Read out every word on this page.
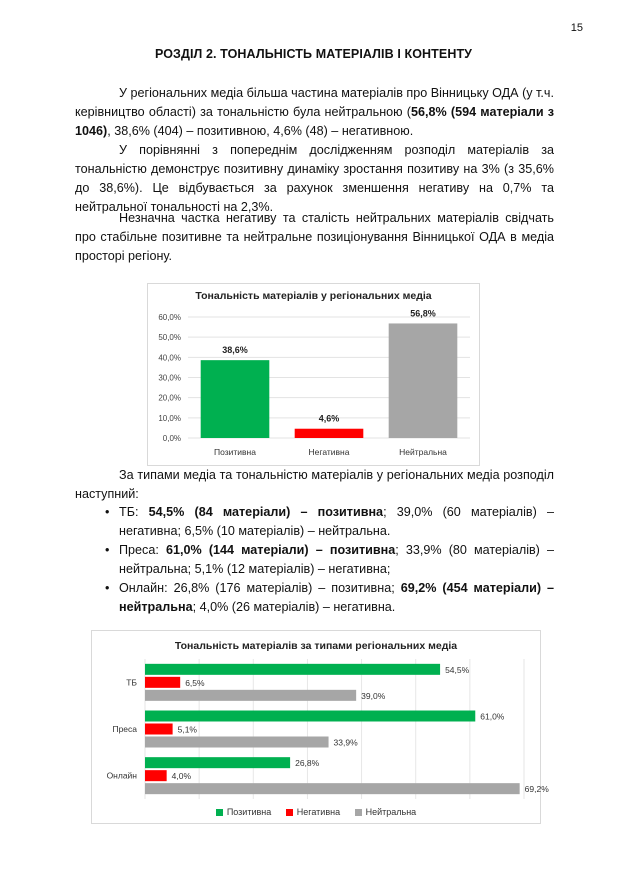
15
РОЗДІЛ 2. ТОНАЛЬНІСТЬ МАТЕРІАЛІВ І КОНТЕНТУ

У регіональних медіа більша частина матеріалів про Вінницьку ОДА (у т.ч. керівництво області) за тональністю була нейтральною (56,8% (594 матеріали з 1046), 38,6% (404) – позитивною, 4,6% (48) – негативною.

У порівнянні з попереднім дослідженням розподіл матеріалів за тональністю демонструє позитивну динаміку зростання позитиву на 3% (з 35,6% до 38,6%). Це відбувається за рахунок зменшення негативу на 0,7% та нейтральної тональності на 2,3%.

Незначна частка негативу та сталість нейтральних матеріалів свідчать про стабільне позитивне та нейтральне позиціонування Вінницької ОДА в медіа просторі регіону.

Тональність матеріалів у регіональних медіа
0,0%
10,0%
20,0%
30,0%
40,0%
50,0%
60,0%
38,6%
Позитивна
4,6%
Негативна
56,8%
Нейтральна

За типами медіа та тональністю матеріалів у регіональних медіа розподіл наступний:

• ТБ: 54,5% (84 матеріали) – позитивна; 39,0% (60 матеріалів) – негативна; 6,5% (10 матеріалів) – нейтральна.
• Преса: 61,0% (144 матеріали) – позитивна; 33,9% (80 матеріалів) – нейтральна; 5,1% (12 матеріалів) – негативна;
• Онлайн: 26,8% (176 матеріалів) – позитивна; 69,2% (454 матеріали) – нейтральна; 4,0% (26 матеріалів) – негативна.
Тональність матеріалів за типами регіональних медіа
ТБ
54,5%
6,5%
39,0%
Преса
61,0%
5,1%
33,9%
Онлайн
26,8%
4,0%
69,2%
Позитивна	Негативна	Нейтральна
